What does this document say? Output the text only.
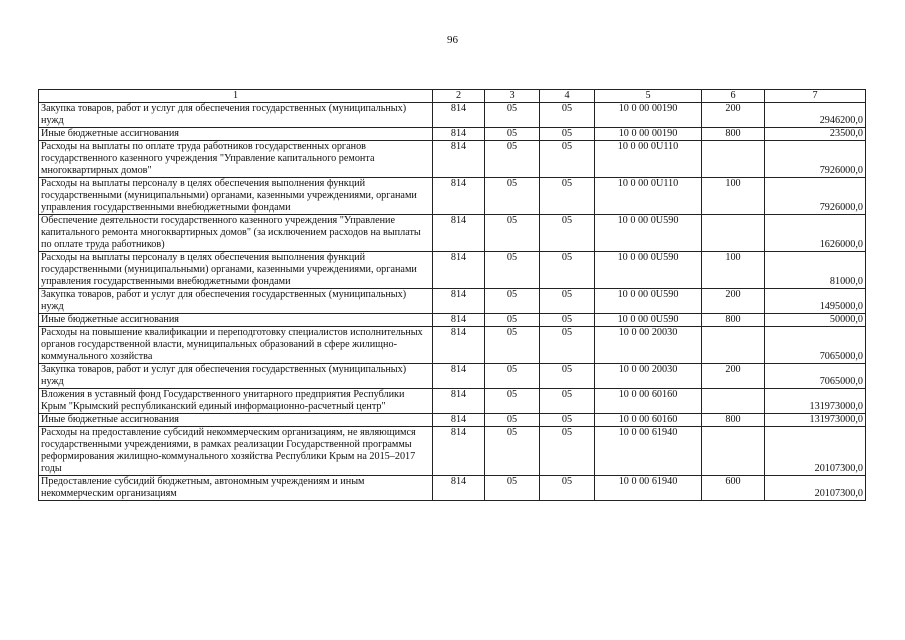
96
1	2	3	4	5	6	7
Закупка товаров, работ и услуг для обеспечения государственных (муниципальных) нужд	814	05	05	10 0 00 00190	200	2946200,0
Иные бюджетные ассигнования	814	05	05	10 0 00 00190	800	23500,0
Расходы на выплаты по оплате труда работников государственных органов государственного казенного учреждения "Управление капитального ремонта многоквартирных домов"	814	05	05	10 0 00 0U110		7926000,0
Расходы на выплаты персоналу в целях обеспечения выполнения функций государственными (муниципальными) органами, казенными учреждениями, органами управления государственными внебюджетными фондами	814	05	05	10 0 00 0U110	100	7926000,0
Обеспечение деятельности государственного казенного учреждения "Управление капитального ремонта многоквартирных домов" (за исключением расходов на выплаты по оплате труда работников)	814	05	05	10 0 00 0U590		1626000,0
Расходы на выплаты персоналу в целях обеспечения выполнения функций государственными (муниципальными) органами, казенными учреждениями, органами управления государственными внебюджетными фондами	814	05	05	10 0 00 0U590	100	81000,0
Закупка товаров, работ и услуг для обеспечения государственных (муниципальных) нужд	814	05	05	10 0 00 0U590	200	1495000,0
Иные бюджетные ассигнования	814	05	05	10 0 00 0U590	800	50000,0
Расходы на повышение квалификации и переподготовку специалистов исполнительных органов государственной власти, муниципальных образований в сфере жилищно-коммунального хозяйства	814	05	05	10 0 00 20030		7065000,0
Закупка товаров, работ и услуг для обеспечения государственных (муниципальных) нужд	814	05	05	10 0 00 20030	200	7065000,0
Вложения в уставный фонд Государственного унитарного предприятия Республики Крым "Крымский республиканский единый информационно-расчетный центр"	814	05	05	10 0 00 60160		131973000,0
Иные бюджетные ассигнования	814	05	05	10 0 00 60160	800	131973000,0
Расходы на предоставление субсидий некоммерческим организациям, не являющимся государственными учреждениями, в рамках реализации Государственной программы реформирования жилищно-коммунального хозяйства Республики Крым на 2015–2017 годы	814	05	05	10 0 00 61940		20107300,0
Предоставление субсидий бюджетным, автономным учреждениям и иным некоммерческим организациям	814	05	05	10 0 00 61940	600	20107300,0
